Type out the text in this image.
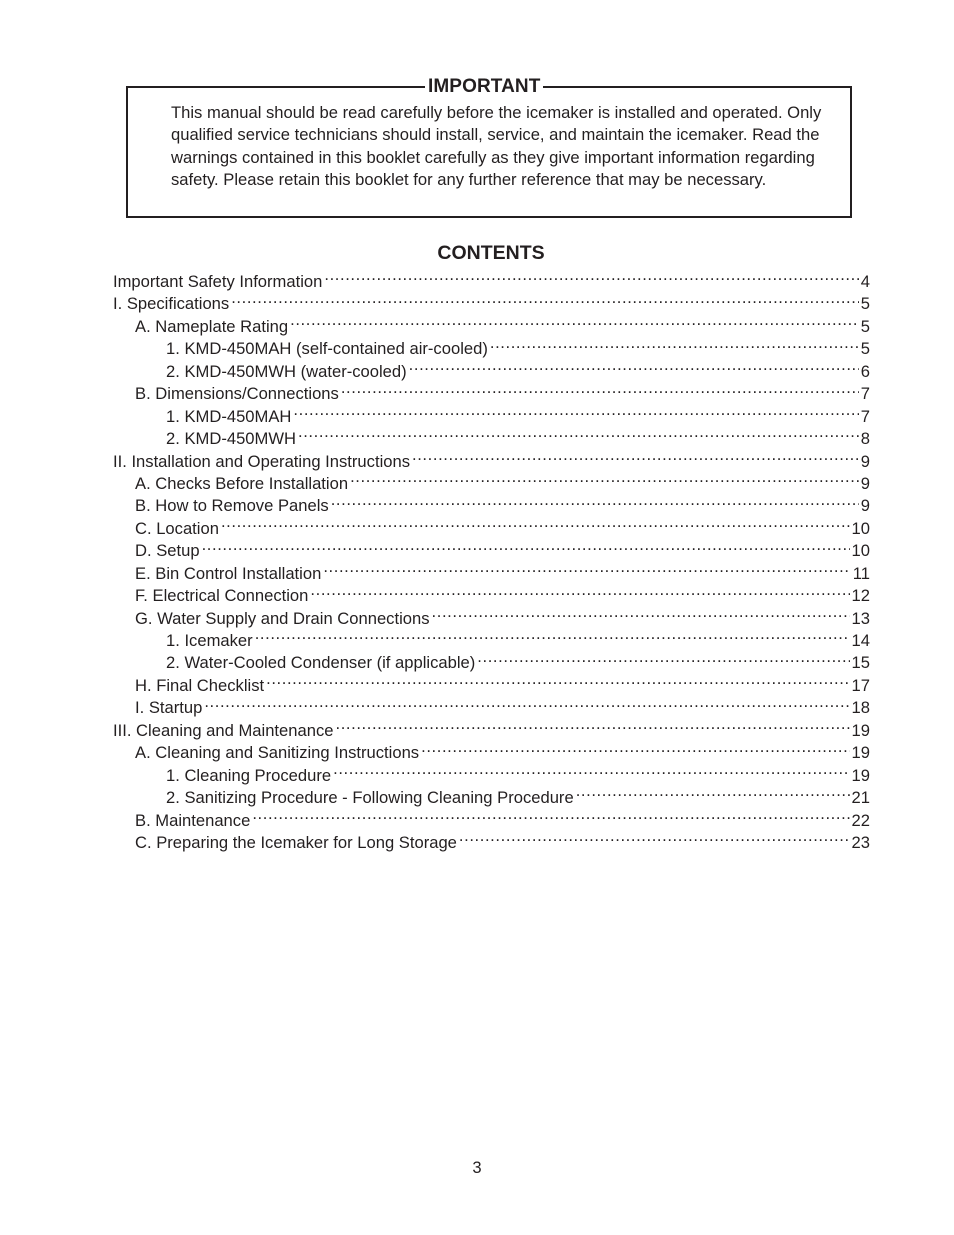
IMPORTANT

This manual should be read carefully before the icemaker is installed and operated. Only qualified service technicians should install, service, and maintain the icemaker. Read the warnings contained in this booklet carefully as they give important information regarding safety. Please retain this booklet for any further reference that may be necessary.

CONTENTS
Important Safety Information .....	4
I. Specifications .....	5
A. Nameplate Rating .....	5
1. KMD-450MAH (self-contained air-cooled) .....	5
2. KMD-450MWH (water-cooled) .....	6
B. Dimensions/Connections .....	7
1. KMD-450MAH .....	7
2. KMD-450MWH .....	8
II. Installation and Operating Instructions .....	9
A. Checks Before Installation .....	9
B. How to Remove Panels .....	9
C. Location .....	10
D. Setup .....	10
E. Bin Control Installation .....	11
F. Electrical Connection .....	12
G. Water Supply and Drain Connections .....	13
1. Icemaker .....	14
2. Water-Cooled Condenser (if applicable) .....	15
H. Final Checklist .....	17
I. Startup .....	18
III. Cleaning and Maintenance .....	19
A. Cleaning and Sanitizing Instructions .....	19
1. Cleaning Procedure .....	19
2. Sanitizing Procedure - Following Cleaning Procedure .....	21
B. Maintenance .....	22
C. Preparing the Icemaker for Long Storage .....	23

3
